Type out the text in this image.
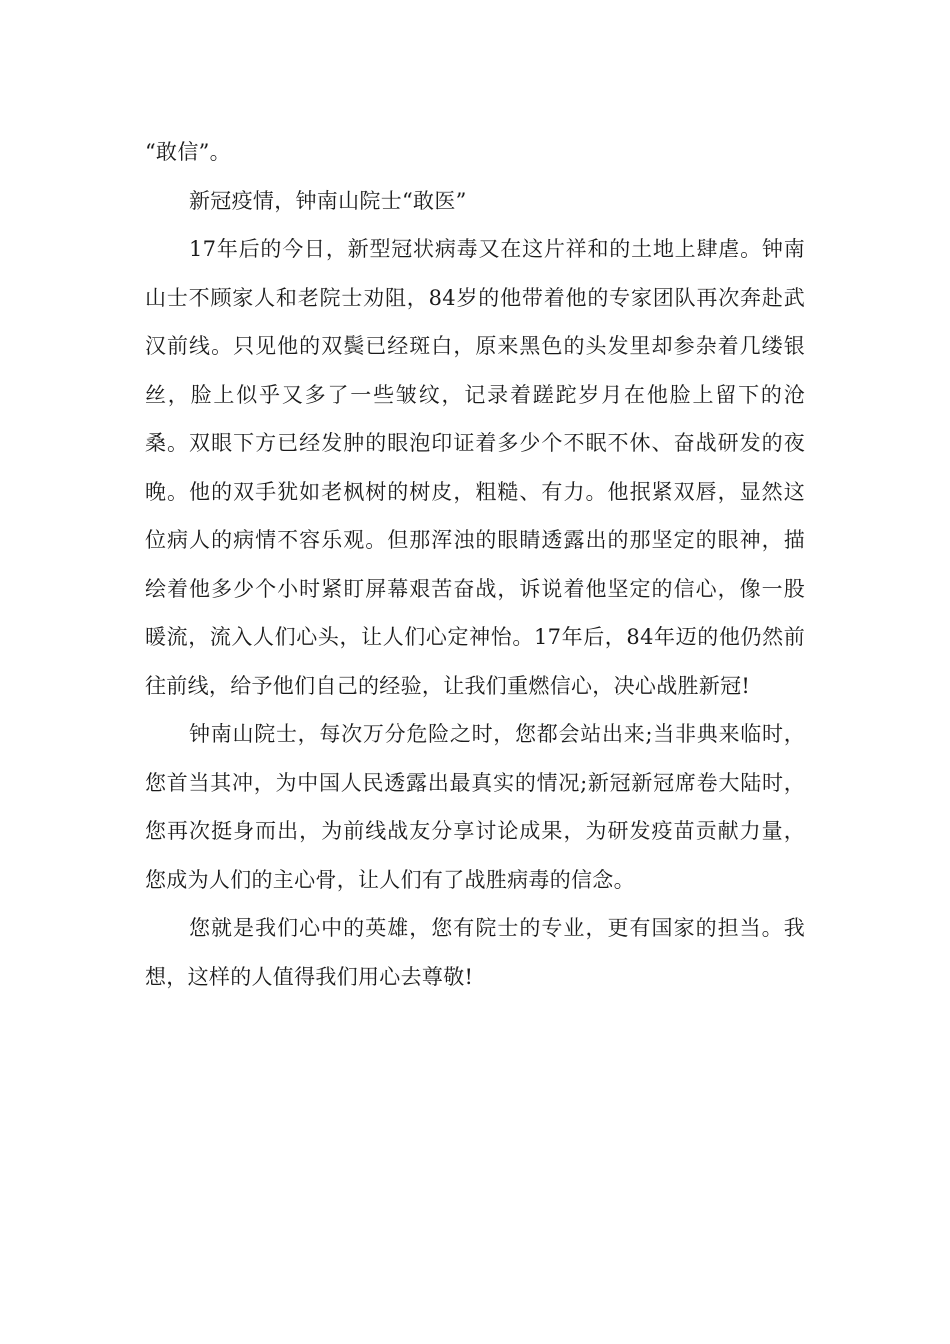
“敢信”。

新冠疫情，钟南山院士“敢医”

17年后的今日，新型冠状病毒又在这片祥和的土地上肆虐。钟南山士不顾家人和老院士劝阻，84岁的他带着他的专家团队再次奔赴武汉前线。只见他的双鬓已经斑白，原来黑色的头发里却参杂着几缕银丝，脸上似乎又多了一些皱纹，记录着蹉跎岁月在他脸上留下的沧桑。双眼下方已经发肿的眼泡印证着多少个不眠不休、奋战研发的夜晚。他的双手犹如老枫树的树皮，粗糙、有力。他抿紧双唇，显然这位病人的病情不容乐观。但那浑浊的眼睛透露出的那坚定的眼神，描绘着他多少个小时紧盯屏幕艰苦奋战，诉说着他坚定的信心，像一股暖流，流入人们心头，让人们心定神怡。17年后，84年迈的他仍然前往前线，给予他们自己的经验，让我们重燃信心，决心战胜新冠!

钟南山院士，每次万分危险之时，您都会站出来;当非典来临时，您首当其冲，为中国人民透露出最真实的情况;新冠新冠席卷大陆时，您再次挺身而出，为前线战友分享讨论成果，为研发疫苗贡献力量，您成为人们的主心骨，让人们有了战胜病毒的信念。

您就是我们心中的英雄，您有院士的专业，更有国家的担当。我想，这样的人值得我们用心去尊敬!
